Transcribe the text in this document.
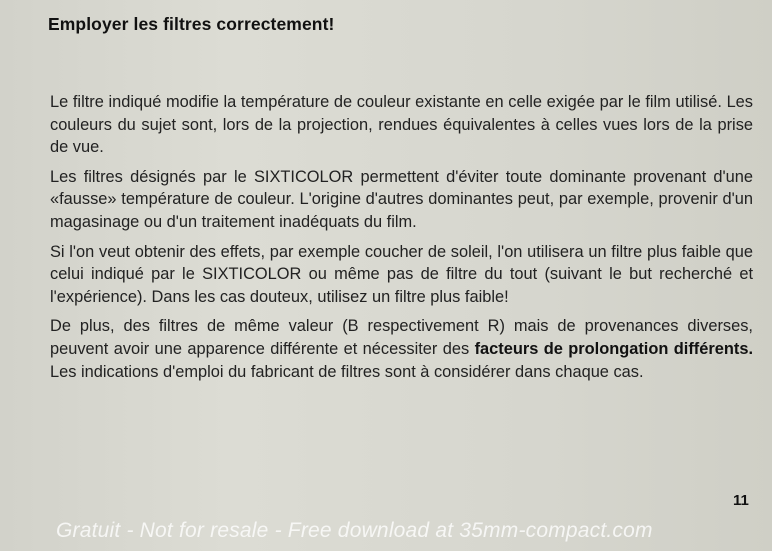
Employer les filtres correctement!

Le filtre indiqué modifie la température de couleur existante en celle exigée par le film utilisé. Les couleurs du sujet sont, lors de la projection, rendues équivalentes à celles vues lors de la prise de vue.

Les filtres désignés par le SIXTICOLOR permettent d'éviter toute dominante provenant d'une «fausse» température de couleur. L'origine d'autres dominantes peut, par exemple, provenir d'un magasinage ou d'un traitement inadéquats du film.

Si l'on veut obtenir des effets, par exemple coucher de soleil, l'on utilisera un filtre plus faible que celui indiqué par le SIXTICOLOR ou même pas de filtre du tout (suivant le but recherché et l'expérience). Dans les cas douteux, utilisez un filtre plus faible!

De plus, des filtres de même valeur (B respectivement R) mais de provenances diverses, peuvent avoir une apparence différente et nécessiter des facteurs de prolongation différents. Les indications d'emploi du fabricant de filtres sont à considérer dans chaque cas.

11
Gratuit - Not for resale - Free download at 35mm-compact.com
